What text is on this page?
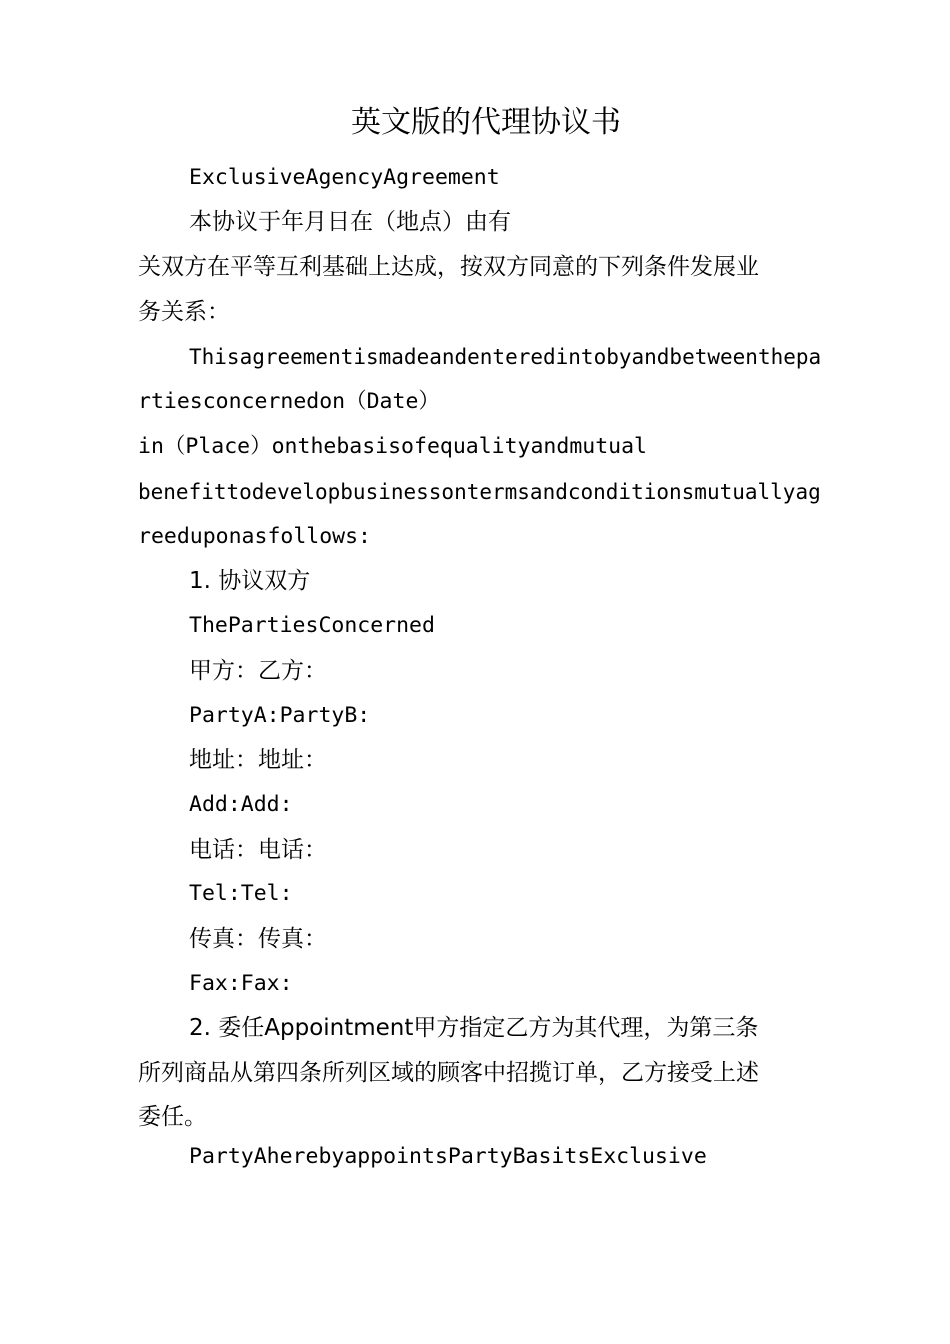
英文版的代理协议书

ExclusiveAgencyAgreement

本协议于年月日在（地点）由有

关双方在平等互利基础上达成，按双方同意的下列条件发展业

务关系：

Thisagreementismadeandenteredintobyandbetweenthepa

rtiesconcernedon（Date）

in（Place）onthebasisofequalityandmutual

benefittodevelopbusinessontermsandconditionsmutuallyag

reeduponasfollows:

1. 协议双方

ThePartiesConcerned

甲方：乙方：

PartyA:PartyB:

地址：地址：

Add:Add:

电话：电话：

Tel:Tel:

传真：传真：

Fax:Fax:

2. 委任Appointment甲方指定乙方为其代理，为第三条

所列商品从第四条所列区域的顾客中招揽订单，乙方接受上述

委任。

PartyAherebyappointsPartyBasitsExclusive
